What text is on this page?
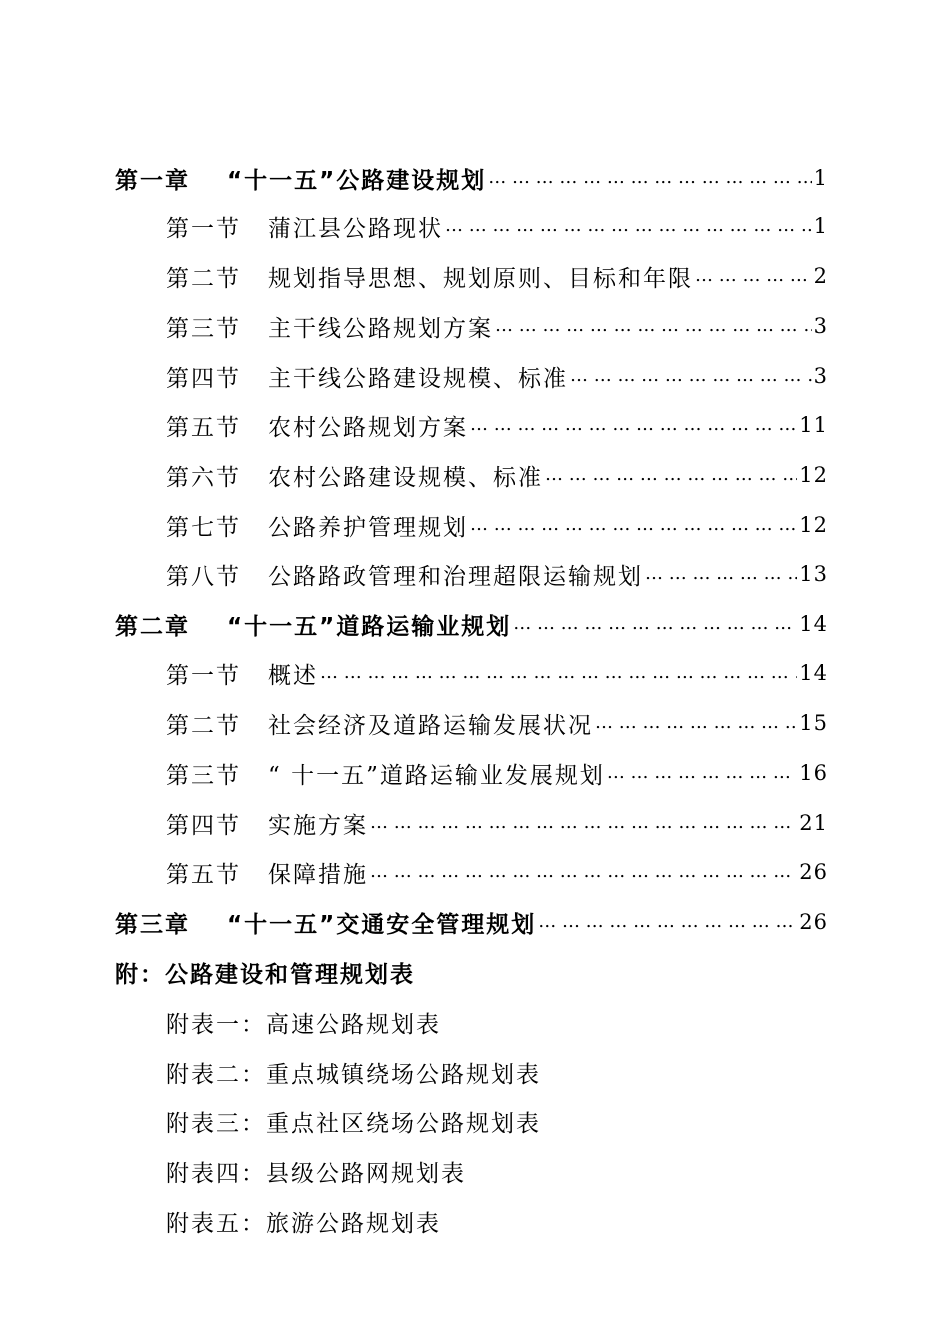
第一章	“十一五”公路建设规划 … … … … … … … … … … … … … … … … … … … … … … … … … … … … … … … … … … … … … … … … … … … … … … … …	1
第一节	蒲江县公路现状 … … … … … … … … … … … … … … … … … … … … … … … … … … … … … … … … … … … … … … … … … … … … … … … …	1
第二节	规划指导思想、规划原则、目标和年限 … … … … … … … … … … … … … … … … … … … … … … … … … … … … … … … … … … … … … … … … … … … … … … … …	2
第三节	主干线公路规划方案 … … … … … … … … … … … … … … … … … … … … … … … … … … … … … … … … … … … … … … … … … … … … … … … …	3
第四节	主干线公路建设规模、标准 … … … … … … … … … … … … … … … … … … … … … … … … … … … … … … … … … … … … … … … … … … … … … … … …	3
第五节	农村公路规划方案 … … … … … … … … … … … … … … … … … … … … … … … … … … … … … … … … … … … … … … … … … … … … … … … …	11
第六节	农村公路建设规模、标准 … … … … … … … … … … … … … … … … … … … … … … … … … … … … … … … … … … … … … … … … … … … … … … … …	12
第七节	公路养护管理规划 … … … … … … … … … … … … … … … … … … … … … … … … … … … … … … … … … … … … … … … … … … … … … … … …	12
第八节	公路路政管理和治理超限运输规划 … … … … … … … … … … … … … … … … … … … … … … … … … … … … … … … … … … … … … … … … … … … … … … … …	13
第二章	“十一五”道路运输业规划 … … … … … … … … … … … … … … … … … … … … … … … … … … … … … … … … … … … … … … … … … … … … … … … …	14
第一节	概述 … … … … … … … … … … … … … … … … … … … … … … … … … … … … … … … … … … … … … … … … … … … … … … … …	14
第二节	社会经济及道路运输发展状况 … … … … … … … … … … … … … … … … … … … … … … … … … … … … … … … … … … … … … … … … … … … … … … … …	15
第三节	“ 十一五”道路运输业发展规划 … … … … … … … … … … … … … … … … … … … … … … … … … … … … … … … … … … … … … … … … … … … … … … … …	16
第四节	实施方案 … … … … … … … … … … … … … … … … … … … … … … … … … … … … … … … … … … … … … … … … … … … … … … … …	21
第五节	保障措施 … … … … … … … … … … … … … … … … … … … … … … … … … … … … … … … … … … … … … … … … … … … … … … … …	26
第三章	“十一五”交通安全管理规划 … … … … … … … … … … … … … … … … … … … … … … … … … … … … … … … … … … … … … … … … … … … … … … … …	26
附：公路建设和管理规划表
附表一：高速公路规划表
附表二：重点城镇绕场公路规划表
附表三：重点社区绕场公路规划表
附表四：县级公路网规划表
附表五：旅游公路规划表
